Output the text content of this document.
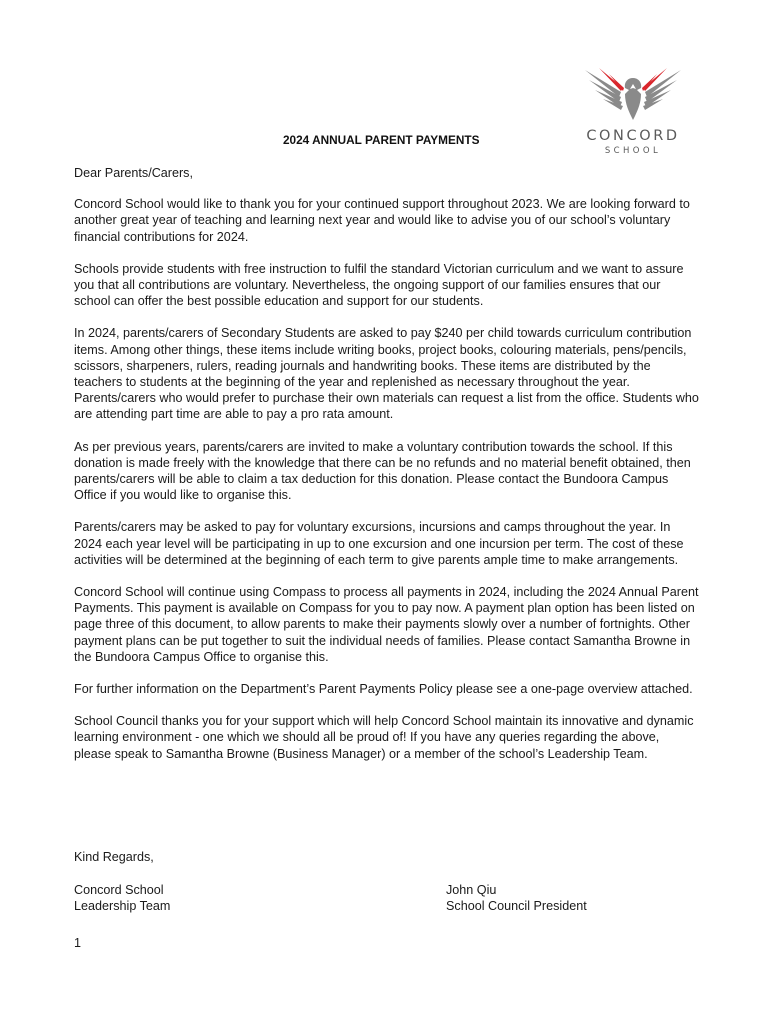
CONCORD
SCHOOL
2024 ANNUAL PARENT PAYMENTS

Dear Parents/Carers,

Concord School would like to thank you for your continued support throughout 2023. We are looking forward to another great year of teaching and learning next year and would like to advise you of our school’s voluntary financial contributions for 2024.

Schools provide students with free instruction to fulfil the standard Victorian curriculum and we want to assure you that all contributions are voluntary. Nevertheless, the ongoing support of our families ensures that our school can offer the best possible education and support for our students.

In 2024, parents/carers of Secondary Students are asked to pay $240 per child towards curriculum contribution items. Among other things, these items include writing books, project books, colouring materials, pens/pencils, scissors, sharpeners, rulers, reading journals and handwriting books. These items are distributed by the teachers to students at the beginning of the year and replenished as necessary throughout the year. Parents/carers who would prefer to purchase their own materials can request a list from the office. Students who are attending part time are able to pay a pro rata amount.

As per previous years, parents/carers are invited to make a voluntary contribution towards the school. If this donation is made freely with the knowledge that there can be no refunds and no material benefit obtained, then parents/carers will be able to claim a tax deduction for this donation. Please contact the Bundoora Campus Office if you would like to organise this.

Parents/carers may be asked to pay for voluntary excursions, incursions and camps throughout the year. In 2024 each year level will be participating in up to one excursion and one incursion per term. The cost of these activities will be determined at the beginning of each term to give parents ample time to make arrangements.

Concord School will continue using Compass to process all payments in 2024, including the 2024 Annual Parent Payments. This payment is available on Compass for you to pay now. A payment plan option has been listed on page three of this document, to allow parents to make their payments slowly over a number of fortnights. Other payment plans can be put together to suit the individual needs of families. Please contact Samantha Browne in the Bundoora Campus Office to organise this.

For further information on the Department’s Parent Payments Policy please see a one-page overview attached.

School Council thanks you for your support which will help Concord School maintain its innovative and dynamic learning environment - one which we should all be proud of! If you have any queries regarding the above, please speak to Samantha Browne (Business Manager) or a member of the school’s Leadership Team.

Kind Regards,
Concord School
Leadership Team
John Qiu
School Council President
1
